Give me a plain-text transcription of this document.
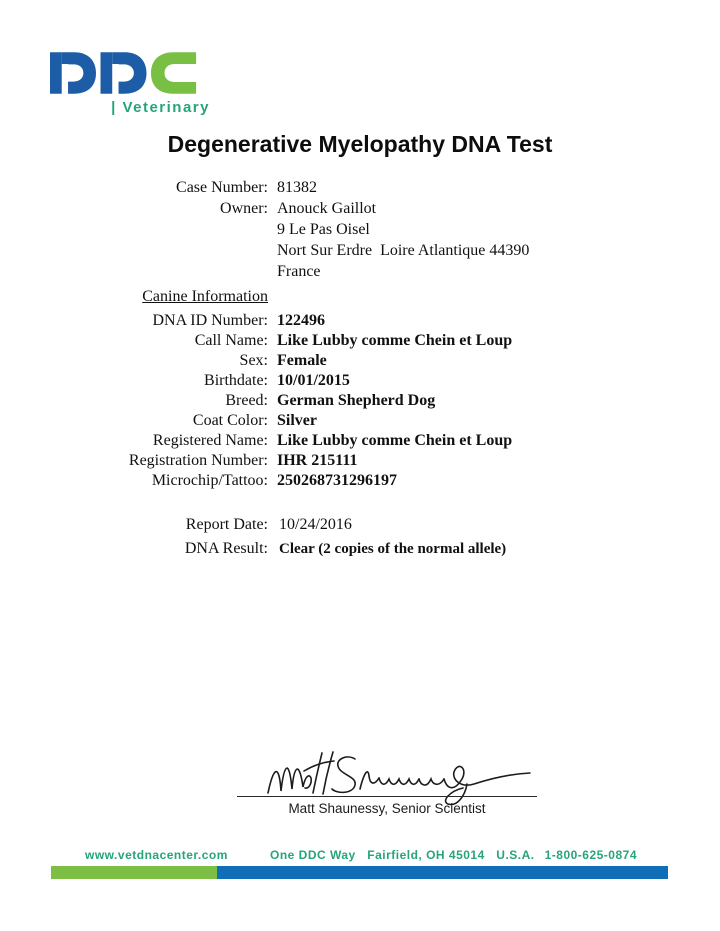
| Veterinary
Degenerative Myelopathy DNA Test
Case Number: 81382
Owner: Anouck Gaillot
9 Le Pas Oisel
Nort Sur Erdre  Loire Atlantique 44390
France
Canine Information
DNA ID Number: 122496
Call Name: Like Lubby comme Chein et Loup
Sex: Female
Birthdate: 10/01/2015
Breed: German Shepherd Dog
Coat Color: Silver
Registered Name: Like Lubby comme Chein et Loup
Registration Number: IHR 215111
Microchip/Tattoo: 250268731296197
Report Date: 10/24/2016
DNA Result: Clear (2 copies of the normal allele)
Matt Shaunessy, Senior Scientist
www.vetdnacenter.com	One DDC Way   Fairfield, OH 45014   U.S.A. 1-800-625-0874
